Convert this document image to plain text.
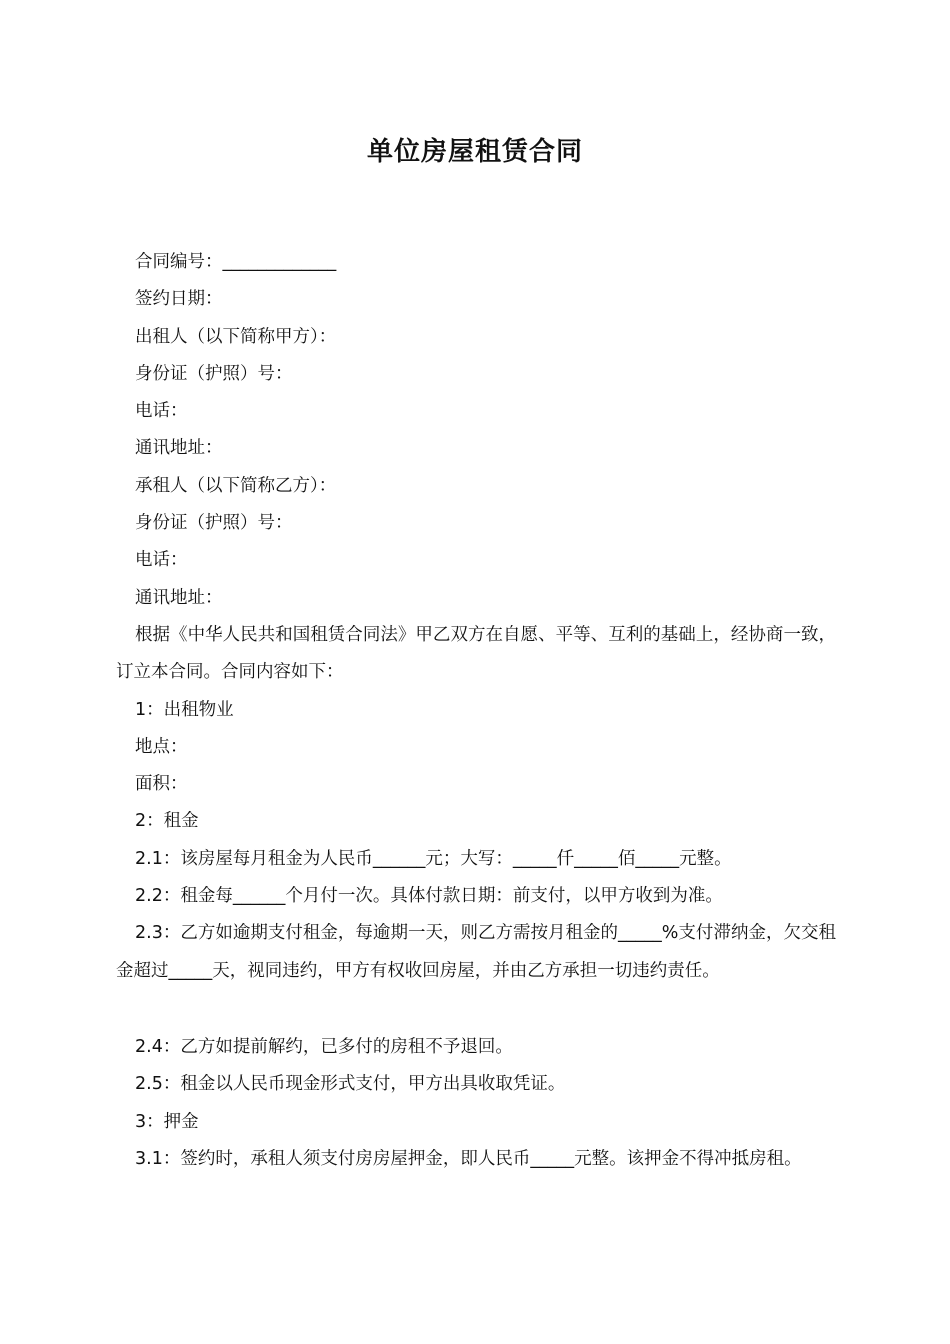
单位房屋租赁合同

合同编号：_____________

签约日期：

出租人（以下简称甲方）：

身份证（护照）号：

电话：

通讯地址：

承租人（以下简称乙方）：

身份证（护照）号：

电话：

通讯地址：

根据《中华人民共和国租赁合同法》甲乙双方在自愿、平等、互利的基础上，经协商一致，订立本合同。合同内容如下：

1：出租物业

地点：

面积：

2：租金

2.1：该房屋每月租金为人民币______元；大写：_____仟_____佰_____元整。

2.2：租金每______个月付一次。具体付款日期：前支付，以甲方收到为准。

2.3：乙方如逾期支付租金，每逾期一天，则乙方需按月租金的_____%支付滞纳金，欠交租金超过_____天，视同违约，甲方有权收回房屋，并由乙方承担一切违约责任。

2.4：乙方如提前解约，已多付的房租不予退回。

2.5：租金以人民币现金形式支付，甲方出具收取凭证。

3：押金

3.1：签约时，承租人须支付房房屋押金，即人民币_____元整。该押金不得冲抵房租。
